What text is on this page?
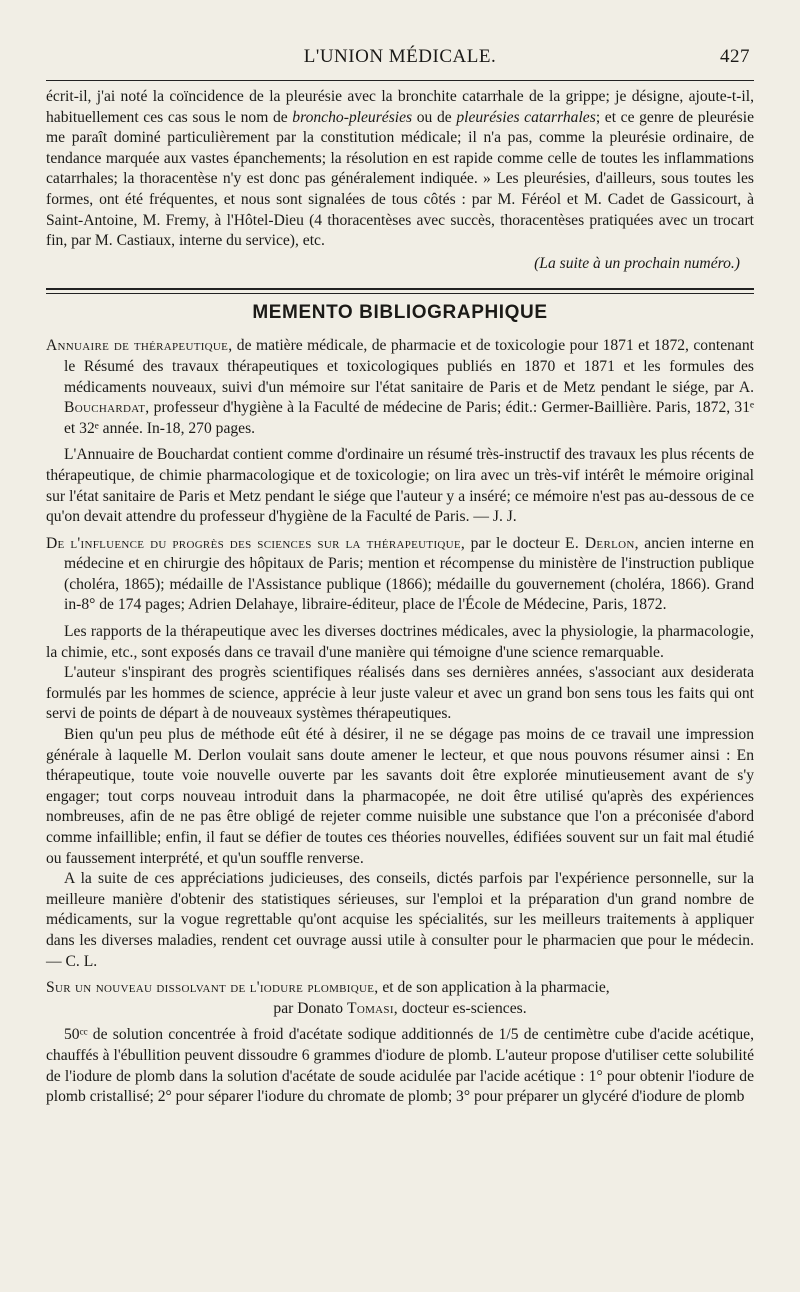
L'UNION MÉDICALE.	427

écrit-il, j'ai noté la coïncidence de la pleurésie avec la bronchite catarrhale de la grippe; je désigne, ajoute-t-il, habituellement ces cas sous le nom de broncho-pleurésies ou de pleurésies catarrhales; et ce genre de pleurésie me paraît dominé particulièrement par la constitution médicale; il n'a pas, comme la pleurésie ordinaire, de tendance marquée aux vastes épanchements; la résolution en est rapide comme celle de toutes les inflammations catarrhales; la thoracentèse n'y est donc pas généralement indiquée. » Les pleurésies, d'ailleurs, sous toutes les formes, ont été fréquentes, et nous sont signalées de tous côtés : par M. Féréol et M. Cadet de Gassicourt, à Saint-Antoine, M. Fremy, à l'Hôtel-Dieu (4 thoracentèses avec succès, thoracentèses pratiquées avec un trocart fin, par M. Castiaux, interne du service), etc.

(La suite à un prochain numéro.)

MEMENTO BIBLIOGRAPHIQUE

Annuaire de thérapeutique, de matière médicale, de pharmacie et de toxicologie pour 1871 et 1872, contenant le Résumé des travaux thérapeutiques et toxicologiques publiés en 1870 et 1871 et les formules des médicaments nouveaux, suivi d'un mémoire sur l'état sanitaire de Paris et de Metz pendant le siége, par A. Bouchardat, professeur d'hygiène à la Faculté de médecine de Paris; édit.: Germer-Baillière. Paris, 1872, 31ᵉ et 32ᵉ année. In-18, 270 pages.

L'Annuaire de Bouchardat contient comme d'ordinaire un résumé très-instructif des travaux les plus récents de thérapeutique, de chimie pharmacologique et de toxicologie; on lira avec un très-vif intérêt le mémoire original sur l'état sanitaire de Paris et Metz pendant le siége que l'auteur y a inséré; ce mémoire n'est pas au-dessous de ce qu'on devait attendre du professeur d'hygiène de la Faculté de Paris. — J. J.

De l'influence du progrès des sciences sur la thérapeutique, par le docteur E. Derlon, ancien interne en médecine et en chirurgie des hôpitaux de Paris; mention et récompense du ministère de l'instruction publique (choléra, 1865); médaille de l'Assistance publique (1866); médaille du gouvernement (choléra, 1866). Grand in-8° de 174 pages; Adrien Delahaye, libraire-éditeur, place de l'École de Médecine, Paris, 1872.

Les rapports de la thérapeutique avec les diverses doctrines médicales, avec la physiologie, la pharmacologie, la chimie, etc., sont exposés dans ce travail d'une manière qui témoigne d'une science remarquable.

L'auteur s'inspirant des progrès scientifiques réalisés dans ses dernières années, s'associant aux desiderata formulés par les hommes de science, apprécie à leur juste valeur et avec un grand bon sens tous les faits qui ont servi de points de départ à de nouveaux systèmes thérapeutiques.

Bien qu'un peu plus de méthode eût été à désirer, il ne se dégage pas moins de ce travail une impression générale à laquelle M. Derlon voulait sans doute amener le lecteur, et que nous pouvons résumer ainsi : En thérapeutique, toute voie nouvelle ouverte par les savants doit être explorée minutieusement avant de s'y engager; tout corps nouveau introduit dans la pharmacopée, ne doit être utilisé qu'après des expériences nombreuses, afin de ne pas être obligé de rejeter comme nuisible une substance que l'on a préconisée d'abord comme infaillible; enfin, il faut se défier de toutes ces théories nouvelles, édifiées souvent sur un fait mal étudié ou faussement interprété, et qu'un souffle renverse.

A la suite de ces appréciations judicieuses, des conseils, dictés parfois par l'expérience personnelle, sur la meilleure manière d'obtenir des statistiques sérieuses, sur l'emploi et la préparation d'un grand nombre de médicaments, sur la vogue regrettable qu'ont acquise les spécialités, sur les meilleurs traitements à appliquer dans les diverses maladies, rendent cet ouvrage aussi utile à consulter pour le pharmacien que pour le médecin. — C. L.

Sur un nouveau dissolvant de l'iodure plombique, et de son application à la pharmacie,

par Donato Tomasi, docteur es-sciences.

50ᶜᶜ de solution concentrée à froid d'acétate sodique additionnés de 1/5 de centimètre cube d'acide acétique, chauffés à l'ébullition peuvent dissoudre 6 grammes d'iodure de plomb. L'auteur propose d'utiliser cette solubilité de l'iodure de plomb dans la solution d'acétate de soude acidulée par l'acide acétique : 1° pour obtenir l'iodure de plomb cristallisé; 2° pour séparer l'iodure du chromate de plomb; 3° pour préparer un glycéré d'iodure de plomb
